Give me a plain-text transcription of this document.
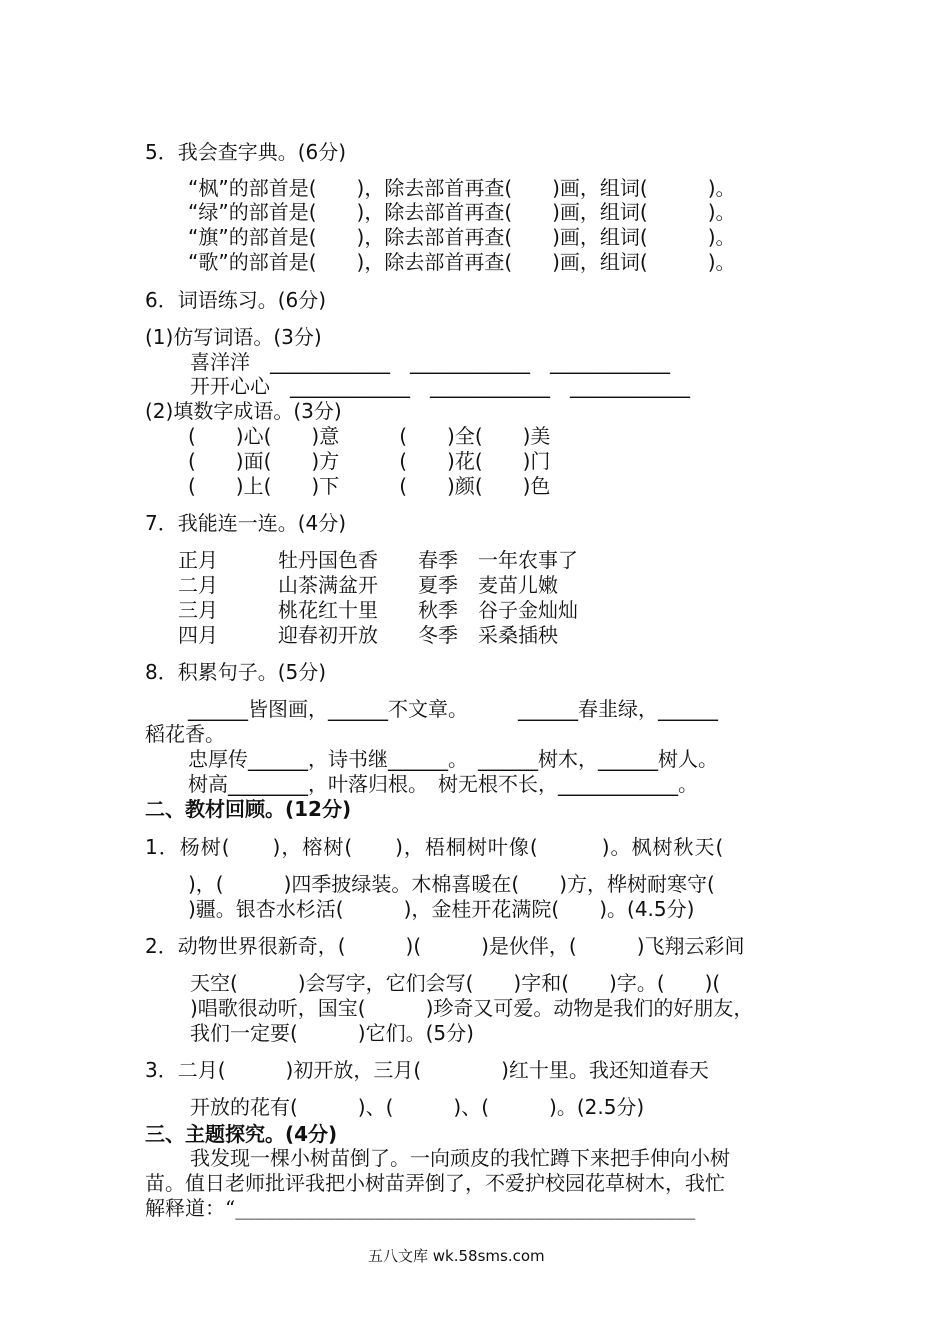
5．我会查字典。(6分)
“枫”的部首是(　　)，除去部首再查(　　)画，组词(　　　)。
“绿”的部首是(　　)，除去部首再查(　　)画，组词(　　　)。
“旗”的部首是(　　)，除去部首再查(　　)画，组词(　　　)。
“歌”的部首是(　　)，除去部首再查(　　)画，组词(　　　)。
6．词语练习。(6分)
(1)仿写词语。(3分)
喜洋洋　____________　____________　____________
开开心心　____________　____________　____________
(2)填数字成语。(3分)
(　　)心(　　)意　　　(　　)全(　　)美
(　　)面(　　)方　　　(　　)花(　　)门
(　　)上(　　)下　　　(　　)颜(　　)色
7．我能连一连。(4分)
正月　　　牡丹国色香　　春季　一年农事了
二月　　　山茶满盆开　　夏季　麦苗儿嫩
三月　　　桃花红十里　　秋季　谷子金灿灿
四月　　　迎春初开放　　冬季　采桑插秧
8．积累句子。(5分)
______皆图画，______不文章。　　　______春韭绿，______
稻花香。
忠厚传______，诗书继______。　______树木，______树人。
树高________，叶落归根。　树无根不长，____________。
二、教材回顾。(12分)
1．杨树(　　)，榕树(　　)，梧桐树叶像(　　　)。枫树秋天(
)，(　　　)四季披绿装。木棉喜暖在(　　)方，桦树耐寒守(
)疆。银杏水杉活(　　　)，金桂开花满院(　　)。(4.5分)
2．动物世界很新奇，(　　　)(　　　)是伙伴，(　　　)飞翔云彩间
天空(　　　)会写字，它们会写(　　)字和(　　)字。(　　)(
)唱歌很动听，国宝(　　　)珍奇又可爱。动物是我们的好朋友，
我们一定要(　　　)它们。(5分)
3．二月(　　　)初开放，三月(　　　　)红十里。我还知道春天
开放的花有(　　　)、(　　　)、(　　　)。(2.5分)
三、主题探究。(4分)
我发现一棵小树苗倒了。一向顽皮的我忙蹲下来把手伸向小树
苗。值日老师批评我把小树苗弄倒了，不爱护校园花草树木，我忙
解释道：“______________________________________________
五八文库 wk.58sms.com
